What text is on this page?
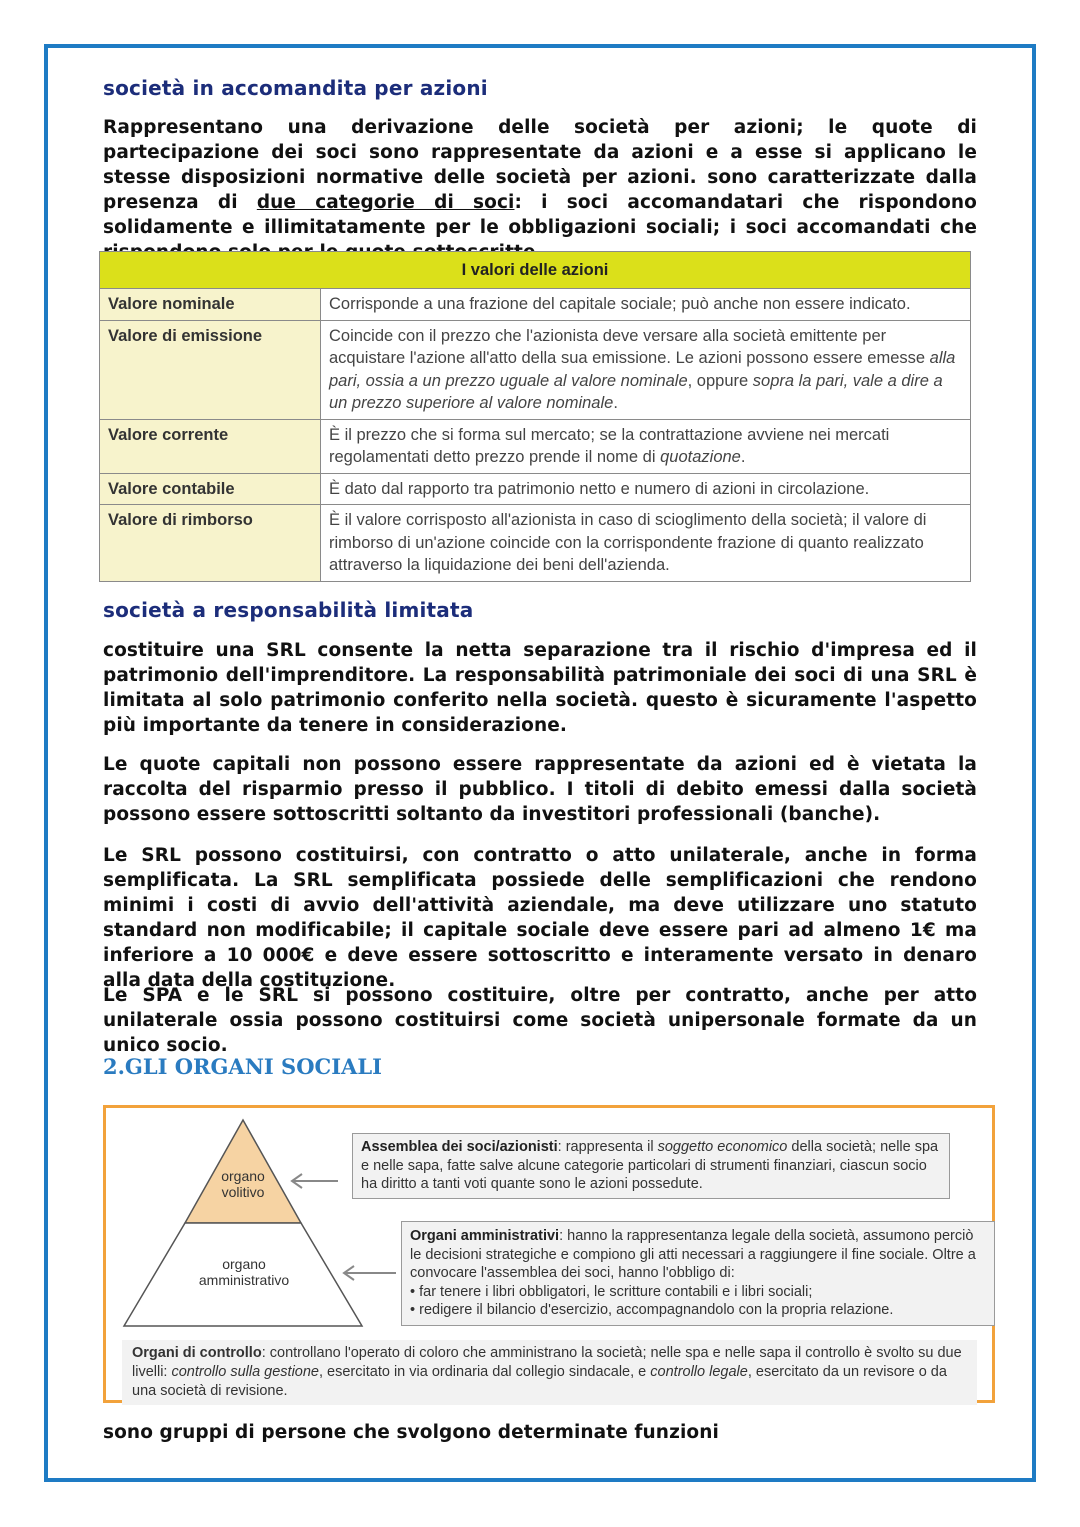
società in accomandita per azioni
Rappresentano una derivazione delle società per azioni; le quote di partecipazione dei soci sono rappresentate da azioni e a esse si applicano le stesse disposizioni normative delle società per azioni. sono caratterizzate dalla presenza di due categorie di soci: i soci accomandatari che rispondono solidamente e illimitatamente per le obbligazioni sociali; i soci accomandati che
I valori delle azioni	
Valore nominale	Corrisponde a una frazione del capitale sociale; può anche non essere indicato.
Valore di emissione	Coincide con il prezzo che l'azionista deve versare alla società emittente per acquistare l'azione all'atto della sua emissione. Le azioni possono essere emesse alla pari, ossia a un prezzo uguale al valore nominale, oppure sopra la pari, vale a dire a un prezzo superiore al valore nominale.
Valore corrente	È il prezzo che si forma sul mercato; se la contrattazione avviene nei mercati regolamentati detto prezzo prende il nome di quotazione.
Valore contabile	È dato dal rapporto tra patrimonio netto e numero di azioni in circolazione.
Valore di rimborso	È il valore corrisposto all'azionista in caso di scioglimento della società; il valore di rimborso di un'azione coincide con la corrispondente frazione di quanto realizzato attraverso la liquidazione dei beni dell'azienda.
società a responsabilità limitata
costituire una SRL consente la netta separazione tra il rischio d'impresa ed il patrimonio dell'imprenditore. La responsabilità patrimoniale dei soci di una SRL è limitata al solo patrimonio conferito nella società. questo è sicuramente l'aspetto più importante da tenere in considerazione.
Le quote capitali non possono essere rappresentate da azioni ed è vietata la raccolta del risparmio presso il pubblico. I titoli di debito emessi dalla società possono essere sottoscritti soltanto da investitori professionali (banche).
Le SRL possono costituirsi, con contratto o atto unilaterale, anche in forma semplificata. La SRL semplificata possiede delle semplificazioni che rendono minimi i costi di avvio dell'attività aziendale, ma deve utilizzare uno statuto standard non modificabile; il capitale sociale deve essere pari ad almeno 1€ ma inferiore a 10 000€ e deve essere sottoscritto e interamente versato in denaro alla data della costituzione.
Le SPA e le SRL si possono costituire, oltre per contratto, anche per atto unilaterale ossia possono costituirsi come società unipersonale formate da un unico socio.
2.GLI ORGANI SOCIALI
organo volitivo
organo amministrativo
Assemblea dei soci/azionisti: rappresenta il soggetto economico della società; nelle spa e nelle sapa, fatte salve alcune categorie particolari di strumenti finanziari, ciascun socio ha diritto a tanti voti quante sono le azioni possedute.
Organi amministrativi: hanno la rappresentanza legale della società, assumono perciò le decisioni strategiche e compiono gli atti necessari a raggiungere il fine sociale. Oltre a convocare l'assemblea dei soci, hanno l'obbligo di:
• far tenere i libri obbligatori, le scritture contabili e i libri sociali;
• redigere il bilancio d'esercizio, accompagnandolo con la propria relazione.
Organi di controllo: controllano l'operato di coloro che amministrano la società; nelle spa e nelle sapa il controllo è svolto su due livelli: controllo sulla gestione, esercitato in via ordinaria dal collegio sindacale, e controllo legale, esercitato da un revisore o da una società di revisione.
sono gruppi di persone che svolgono determinate funzioni
